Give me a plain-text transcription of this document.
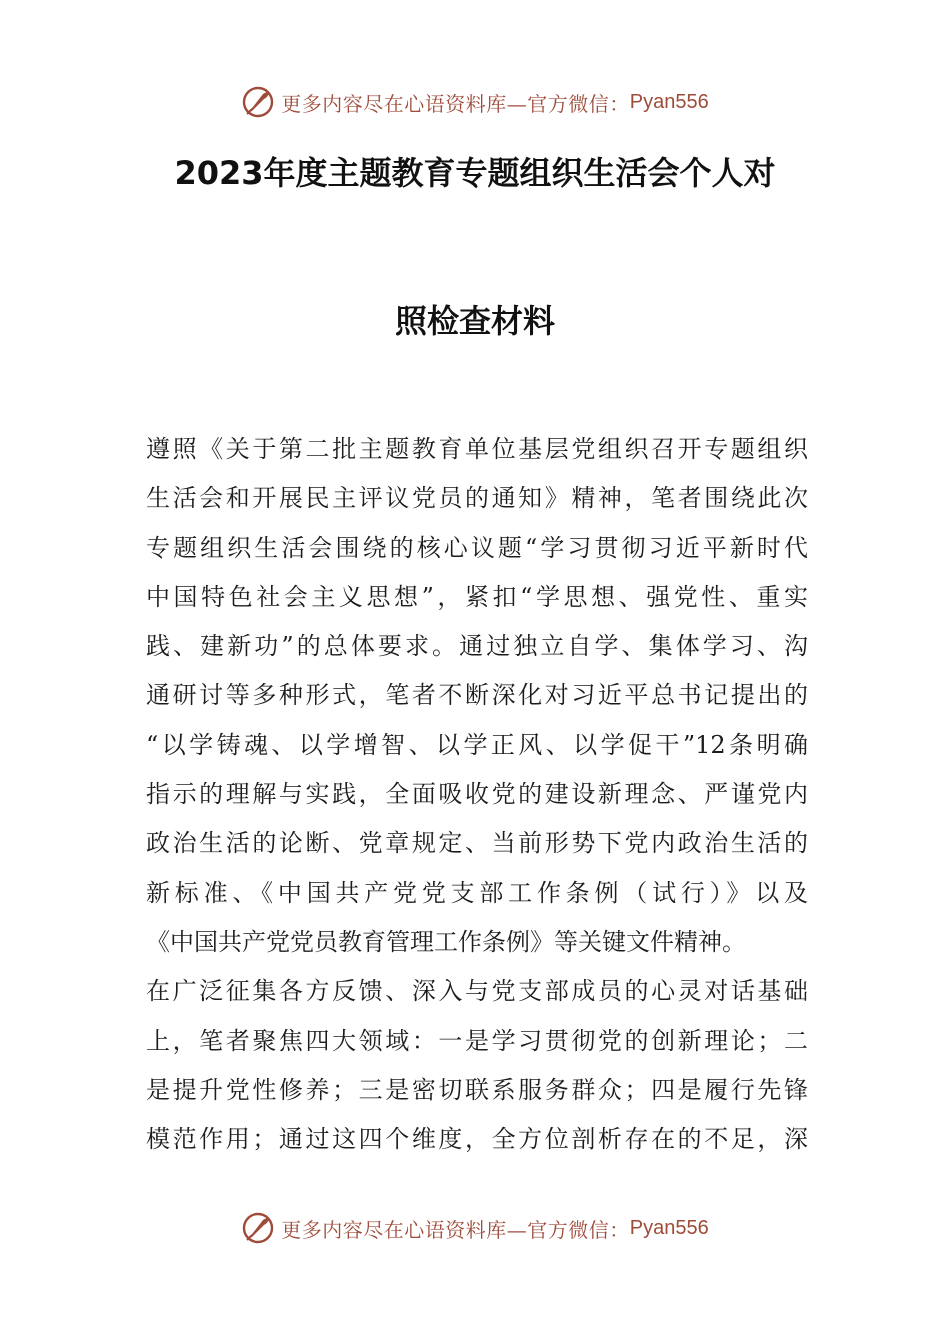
更多内容尽在心语资料库—官方微信： Pyan556
2023年度主题教育专题组织生活会个人对
照检查材料
遵照《关于第二批主题教育单位基层党组织召开专题组织
生活会和开展民主评议党员的通知》精神，笔者围绕此次
专题组织生活会围绕的核心议题“学习贯彻习近平新时代
中国特色社会主义思想”，紧扣“学思想、强党性、重实
践、建新功”的总体要求。通过独立自学、集体学习、沟
通研讨等多种形式，笔者不断深化对习近平总书记提出的
“以学铸魂、以学增智、以学正风、以学促干”12条明确
指示的理解与实践，全面吸收党的建设新理念、严谨党内
政治生活的论断、党章规定、当前形势下党内政治生活的
新标准、《中国共产党党支部工作条例（试行）》以及
《中国共产党党员教育管理工作条例》等关键文件精神。
在广泛征集各方反馈、深入与党支部成员的心灵对话基础
上，笔者聚焦四大领域：一是学习贯彻党的创新理论；二
是提升党性修养；三是密切联系服务群众；四是履行先锋
模范作用；通过这四个维度，全方位剖析存在的不足，深
更多内容尽在心语资料库—官方微信： Pyan556
